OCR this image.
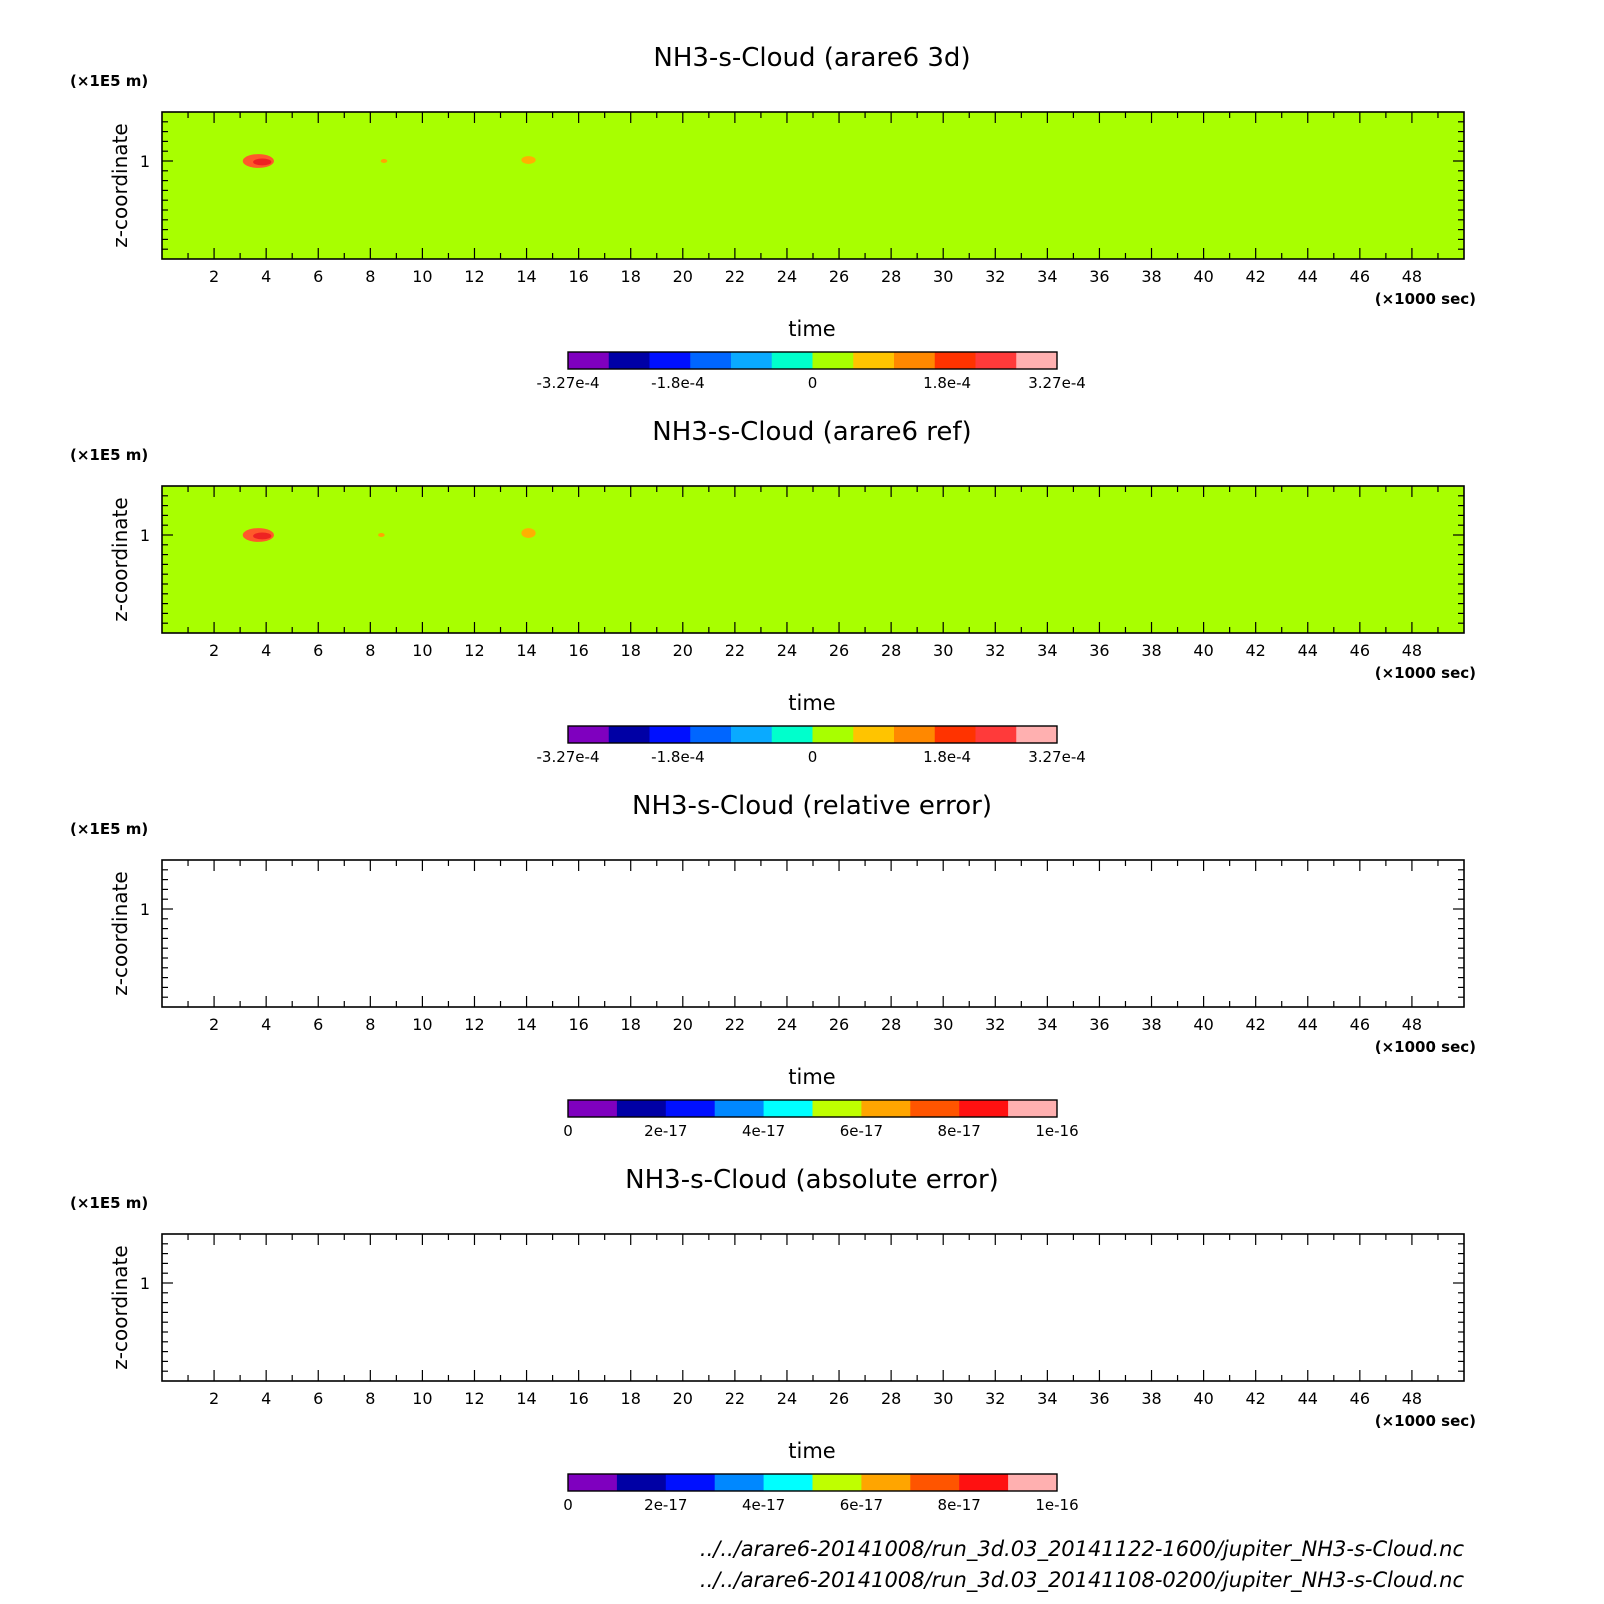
NH3-s-Cloud (arare6 3d)
(×1E5 m)
z-coordinate
2	4	6	8 10 12 14 16 18 20 22 24 26 28 30 32 34 36 38 40 42 44 46 48
(×1000 sec)
time
1
-3.27e-4	-1.8e-4	0	1.8e-4	3.27e-4
NH3-s-Cloud (arare6 ref)
(×1E5 m)
z-coordinate
2	4	6	8 10 12 14 16 18 20 22 24 26 28 30 32 34 36 38 40 42 44 46 48
(×1000 sec)
time
1
-3.27e-4	-1.8e-4	0	1.8e-4	3.27e-4
NH3-s-Cloud (relative error)
(×1E5 m)
z-coordinate
2	4	6	8 10 12 14 16 18 20 22 24 26 28 30 32 34 36 38 40 42 44 46 48
(×1000 sec)
time
1
0	2e-17	4e-17	6e-17	8e-17	1e-16
NH3-s-Cloud (absolute error)
(×1E5 m)
z-coordinate
2	4	6	8 10 12 14 16 18 20 22 24 26 28 30 32 34 36 38 40 42 44 46 48
(×1000 sec)
time
1
0	2e-17	4e-17	6e-17	8e-17	1e-16
../../arare6-20141008/run_3d.03_20141122-1600/jupiter_NH3-s-Cloud.nc
../../arare6-20141008/run_3d.03_20141108-0200/jupiter_NH3-s-Cloud.nc
